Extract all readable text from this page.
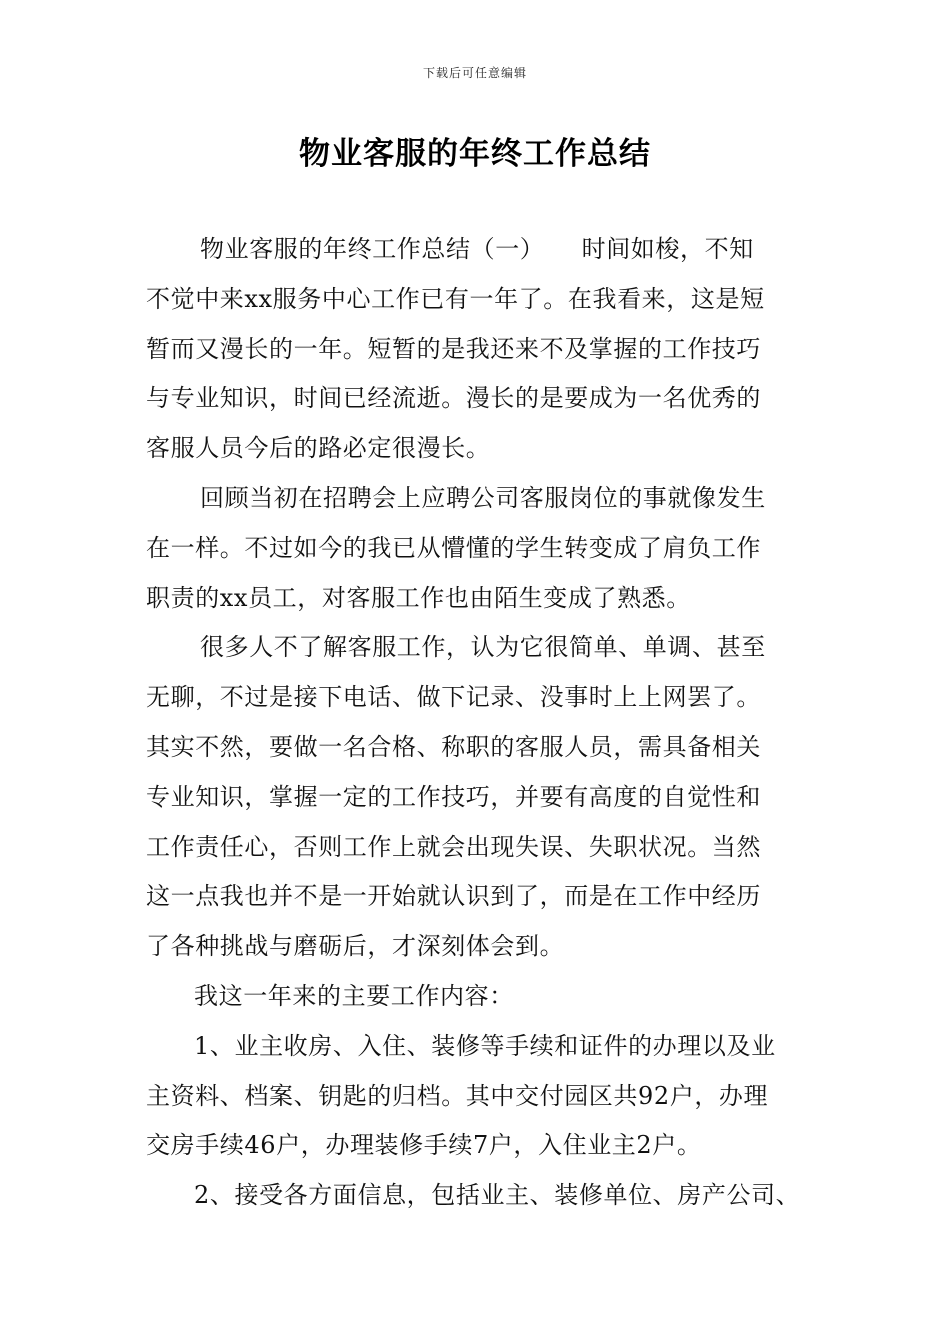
下载后可任意编辑
物业客服的年终工作总结
物业客服的年终工作总结（一）　　时间如梭，不知
不觉中来xx服务中心工作已有一年了。在我看来，这是短
暂而又漫长的一年。短暂的是我还来不及掌握的工作技巧
与专业知识，时间已经流逝。漫长的是要成为一名优秀的
客服人员今后的路必定很漫长。
回顾当初在招聘会上应聘公司客服岗位的事就像发生
在一样。不过如今的我已从懵懂的学生转变成了肩负工作
职责的xx员工，对客服工作也由陌生变成了熟悉。
很多人不了解客服工作，认为它很简单、单调、甚至
无聊，不过是接下电话、做下记录、没事时上上网罢了。
其实不然，要做一名合格、称职的客服人员，需具备相关
专业知识，掌握一定的工作技巧，并要有高度的自觉性和
工作责任心，否则工作上就会出现失误、失职状况。当然
这一点我也并不是一开始就认识到了，而是在工作中经历
了各种挑战与磨砺后，才深刻体会到。
我这一年来的主要工作内容：
1、业主收房、入住、装修等手续和证件的办理以及业
主资料、档案、钥匙的归档。其中交付园区共92户，办理
交房手续46户，办理装修手续7户，入住业主2户。
2、接受各方面信息，包括业主、装修单位、房产公司、
